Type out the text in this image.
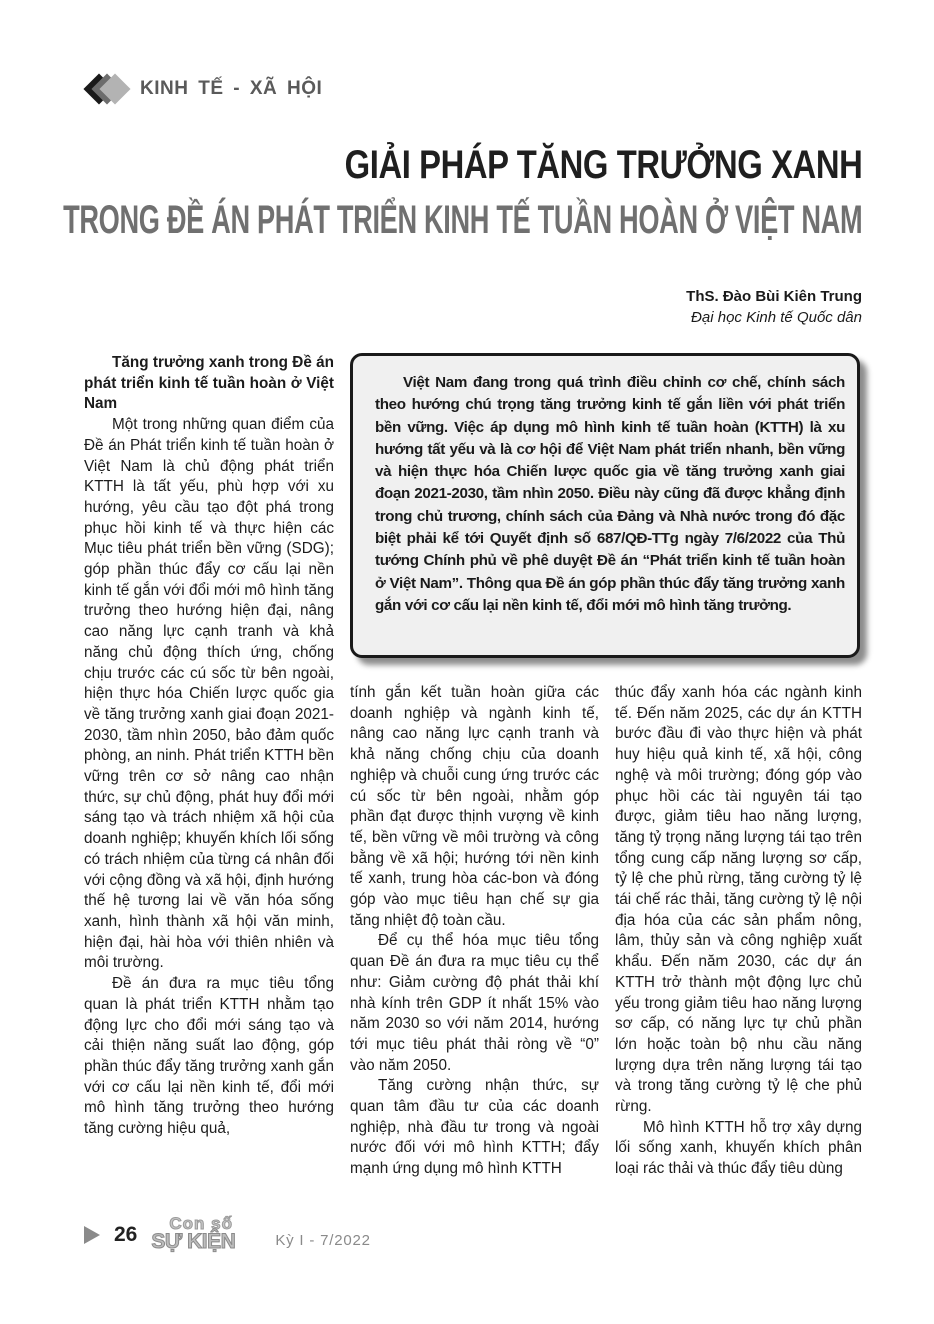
KINH TẾ - XÃ HỘI
GIẢI PHÁP TĂNG TRƯỞNG XANH
TRONG ĐỀ ÁN PHÁT TRIỂN KINH TẾ TUẦN HOÀN Ở VIỆT NAM
ThS. Đào Bùi Kiên Trung
Đại học Kinh tế Quốc dân

Tăng trưởng xanh trong Đề án phát triển kinh tế tuần hoàn ở Việt Nam

Một trong những quan điểm của Đề án Phát triển kinh tế tuần hoàn ở Việt Nam là chủ động phát triển KTTH là tất yếu, phù hợp với xu hướng, yêu cầu tạo đột phá trong phục hồi kinh tế và thực hiện các Mục tiêu phát triển bền vững (SDG); góp phần thúc đẩy cơ cấu lại nền kinh tế gắn với đổi mới mô hình tăng trưởng theo hướng hiện đại, nâng cao năng lực cạnh tranh và khả năng chủ động thích ứng, chống chịu trước các cú sốc từ bên ngoài, hiện thực hóa Chiến lược quốc gia về tăng trưởng xanh giai đoạn 2021-2030, tầm nhìn 2050, bảo đảm quốc phòng, an ninh. Phát triển KTTH bền vững trên cơ sở nâng cao nhận thức, sự chủ động, phát huy đổi mới sáng tạo và trách nhiệm xã hội của doanh nghiệp; khuyến khích lối sống có trách nhiệm của từng cá nhân đối với cộng đồng và xã hội, định hướng thế hệ tương lai về văn hóa sống xanh, hình thành xã hội văn minh, hiện đại, hài hòa với thiên nhiên và môi trường.

Đề án đưa ra mục tiêu tổng quan là phát triển KTTH nhằm tạo động lực cho đổi mới sáng tạo và cải thiện năng suất lao động, góp phần thúc đẩy tăng trưởng xanh gắn với cơ cấu lại nền kinh tế, đổi mới mô hình tăng trưởng theo hướng tăng cường hiệu quả,

Việt Nam đang trong quá trình điều chỉnh cơ chế, chính sách theo hướng chú trọng tăng trưởng kinh tế gắn liền với phát triển bền vững. Việc áp dụng mô hình kinh tế tuần hoàn (KTTH) là xu hướng tất yếu và là cơ hội để Việt Nam phát triển nhanh, bền vững và hiện thực hóa Chiến lược quốc gia về tăng trưởng xanh giai đoạn 2021-2030, tầm nhìn 2050. Điều này cũng đã được khẳng định trong chủ trương, chính sách của Đảng và Nhà nước trong đó đặc biệt phải kể tới Quyết định số 687/QĐ-TTg ngày 7/6/2022 của Thủ tướng Chính phủ về phê duyệt Đề án “Phát triển kinh tế tuần hoàn ở Việt Nam”. Thông qua Đề án góp phần thúc đẩy tăng trưởng xanh gắn với cơ cấu lại nền kinh tế, đổi mới mô hình tăng trưởng.

tính gắn kết tuần hoàn giữa các doanh nghiệp và ngành kinh tế, nâng cao năng lực cạnh tranh và khả năng chống chịu của doanh nghiệp và chuỗi cung ứng trước các cú sốc từ bên ngoài, nhằm góp phần đạt được thịnh vượng về kinh tế, bền vững về môi trường và công bằng về xã hội; hướng tới nền kinh tế xanh, trung hòa các-bon và đóng góp vào mục tiêu hạn chế sự gia tăng nhiệt độ toàn cầu.

Để cụ thể hóa mục tiêu tổng quan Đề án đưa ra mục tiêu cụ thể như: Giảm cường độ phát thải khí nhà kính trên GDP ít nhất 15% vào năm 2030 so với năm 2014, hướng tới mục tiêu phát thải ròng về “0” vào năm 2050.

Tăng cường nhận thức, sự quan tâm đầu tư của các doanh nghiệp, nhà đầu tư trong và ngoài nước đối với mô hình KTTH; đẩy mạnh ứng dụng mô hình KTTH

thúc đẩy xanh hóa các ngành kinh tế. Đến năm 2025, các dự án KTTH bước đầu đi vào thực hiện và phát huy hiệu quả kinh tế, xã hội, công nghệ và môi trường; đóng góp vào phục hồi các tài nguyên tái tạo được, giảm tiêu hao năng lượng, tăng tỷ trọng năng lượng tái tạo trên tổng cung cấp năng lượng sơ cấp, tỷ lệ che phủ rừng, tăng cường tỷ lệ tái chế rác thải, tăng cường tỷ lệ nội địa hóa của các sản phẩm nông, lâm, thủy sản và công nghiệp xuất khẩu. Đến năm 2030, các dự án KTTH trở thành một động lực chủ yếu trong giảm tiêu hao năng lượng sơ cấp, có năng lực tự chủ phần lớn hoặc toàn bộ nhu cầu năng lượng dựa trên năng lượng tái tạo và trong tăng cường tỷ lệ che phủ rừng.

Mô hình KTTH hỗ trợ xây dựng lối sống xanh, khuyến khích phân loại rác thải và thúc đẩy tiêu dùng

26 Con số
SỰ KIỆN	Kỳ I - 7/2022
